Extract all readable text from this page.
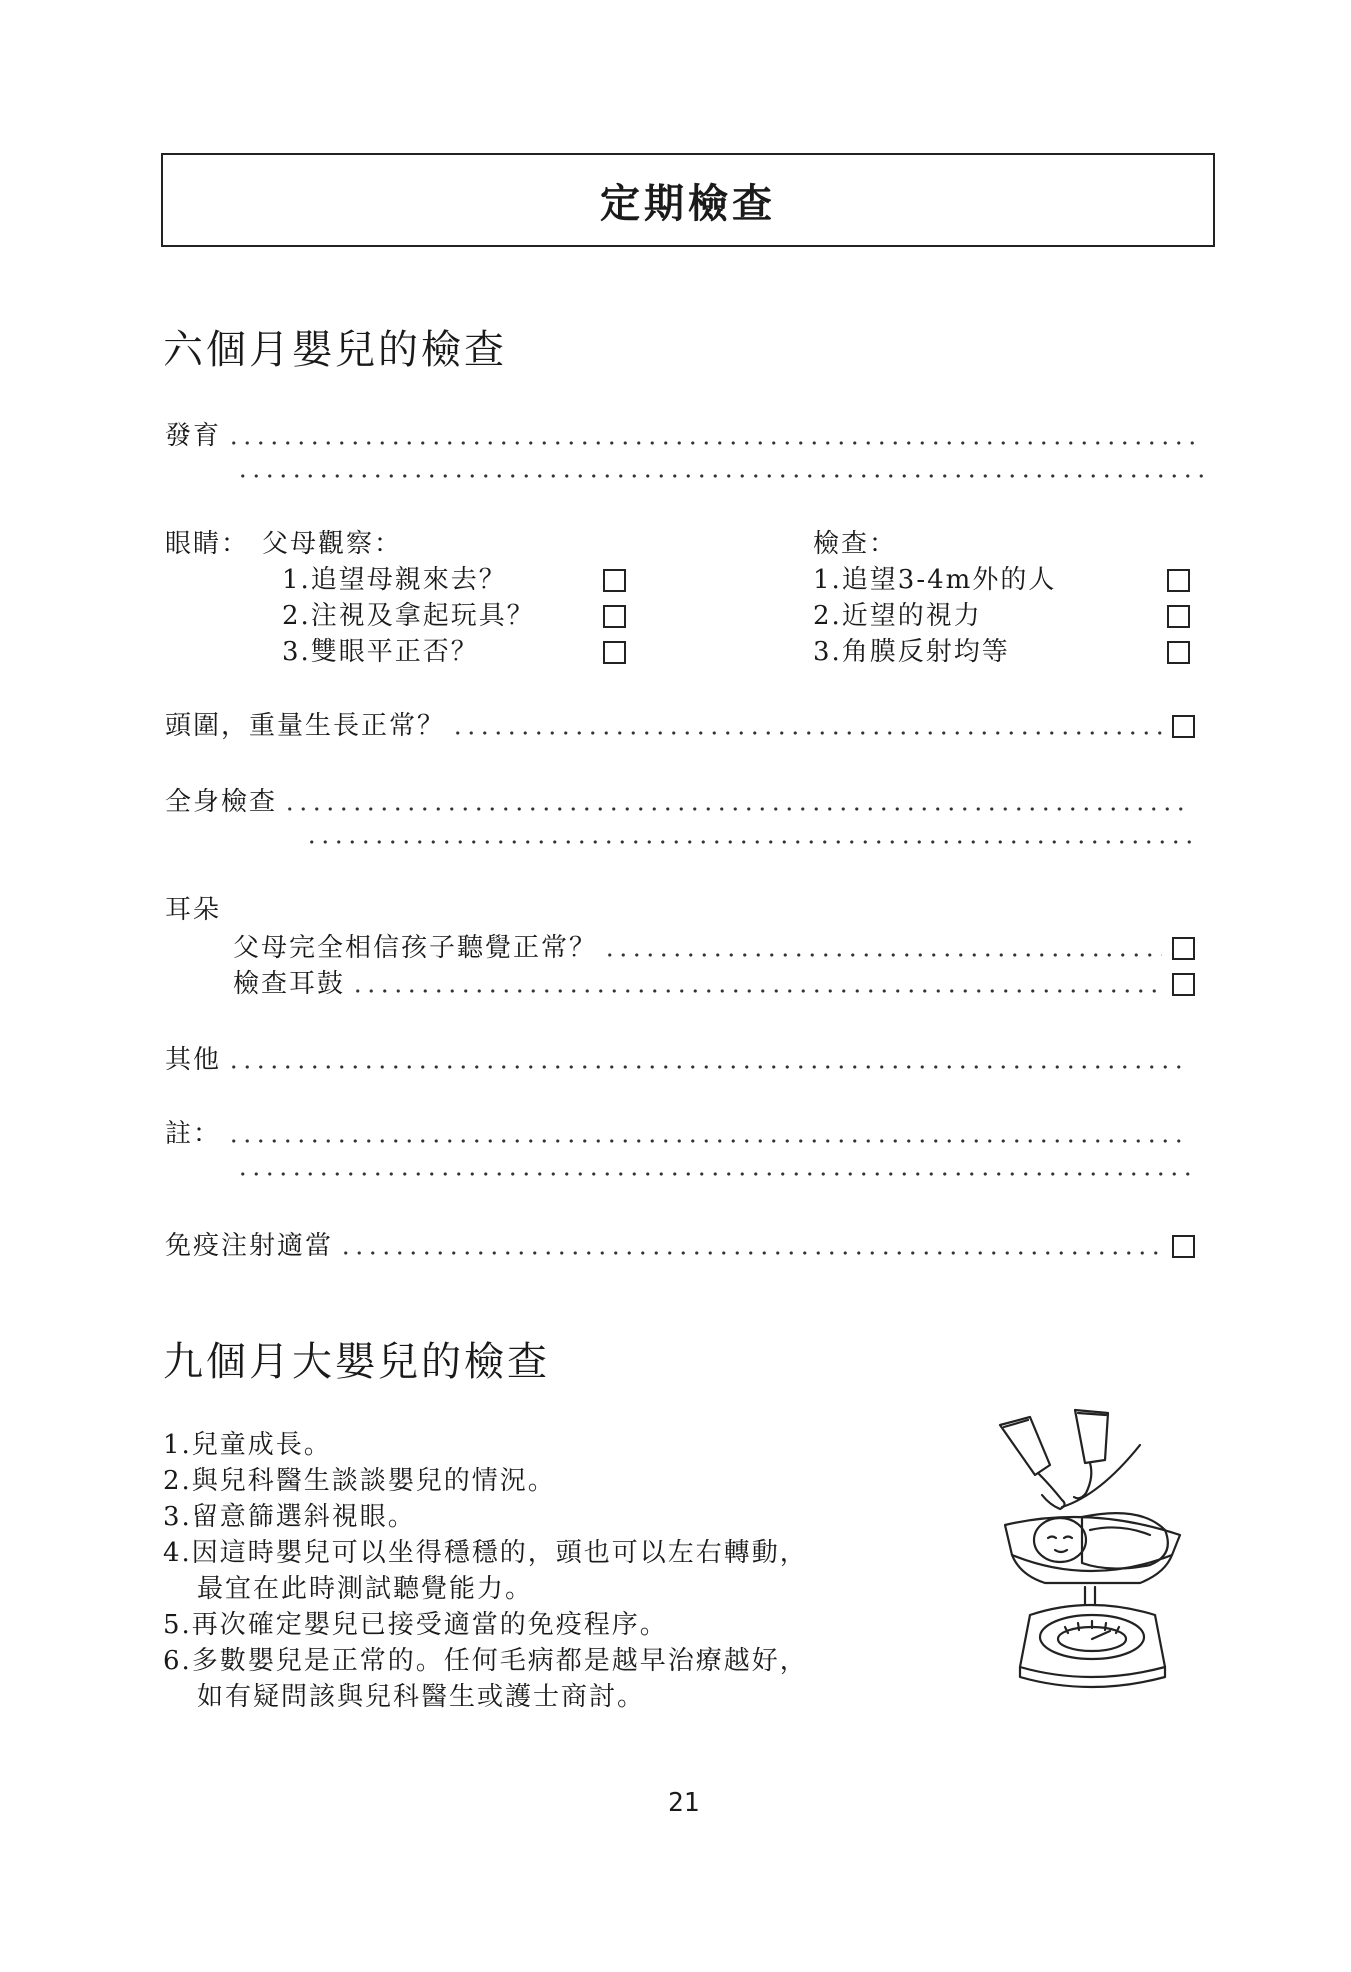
定期檢查
六個月嬰兒的檢查
發育
眼睛： 父母觀察：
1.追望母親來去？
2.注視及拿起玩具？
3.雙眼平正否？
檢查：
1.追望3-4m外的人
2.近望的視力
3.角膜反射均等
頭圍，重量生長正常？
全身檢查
耳朵
父母完全相信孩子聽覺正常？
檢查耳鼓
其他
註：
免疫注射適當
九個月大嬰兒的檢查
1.兒童成長。
2.與兒科醫生談談嬰兒的情況。
3.留意篩選斜視眼。
4.因這時嬰兒可以坐得穩穩的，頭也可以左右轉動，
最宜在此時測試聽覺能力。
5.再次確定嬰兒已接受適當的免疫程序。
6.多數嬰兒是正常的。任何毛病都是越早治療越好，
如有疑問該與兒科醫生或護士商討。
21
